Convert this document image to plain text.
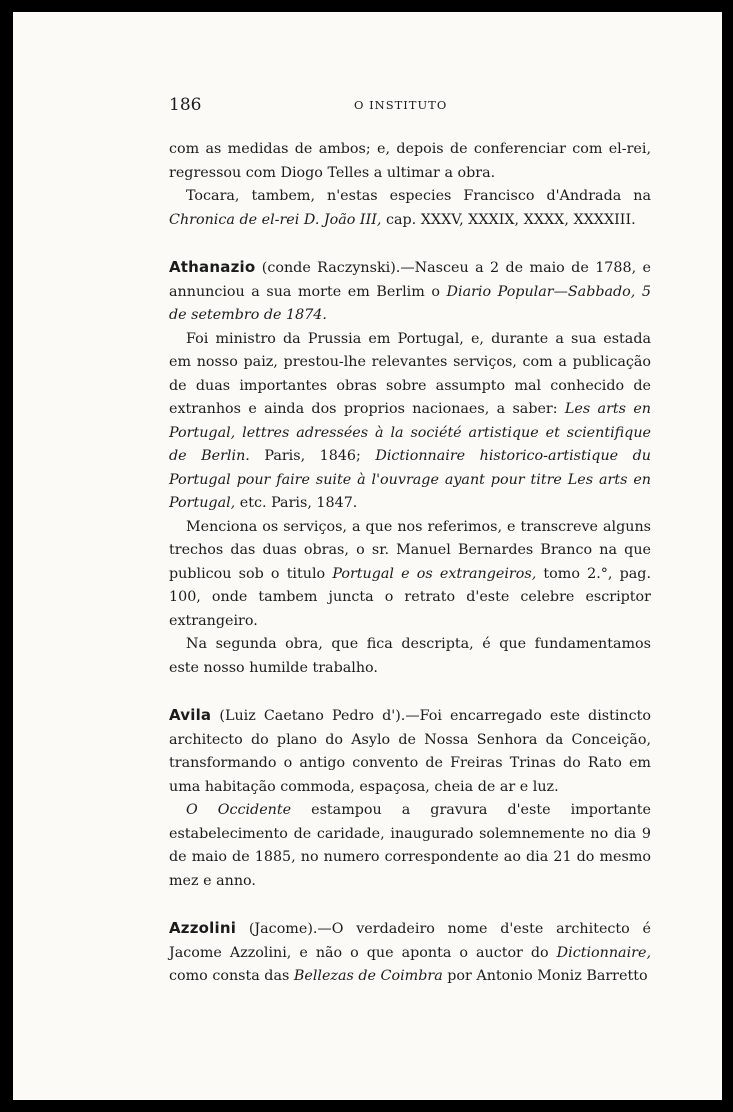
186	O INSTITUTO

com as medidas de ambos; e, depois de conferenciar com el-rei, regressou com Diogo Telles a ultimar a obra.

Tocara, tambem, n'estas especies Francisco d'Andrada na Chronica de el-rei D. João III, cap. XXXV, XXXIX, XXXX, XXXXIII.

Athanazio (conde Raczynski).—Nasceu a 2 de maio de 1788, e annunciou a sua morte em Berlim o Diario Popular—Sabbado, 5 de setembro de 1874.

Foi ministro da Prussia em Portugal, e, durante a sua estada em nosso paiz, prestou-lhe relevantes serviços, com a publicação de duas importantes obras sobre assumpto mal conhecido de extranhos e ainda dos proprios nacionaes, a saber: Les arts en Portugal, lettres adressées à la société artistique et scientifique de Berlin. Paris, 1846; Dictionnaire historico-artistique du Portugal pour faire suite à l'ouvrage ayant pour titre Les arts en Portugal, etc. Paris, 1847.

Menciona os serviços, a que nos referimos, e transcreve alguns trechos das duas obras, o sr. Manuel Bernardes Branco na que publicou sob o titulo Portugal e os extrangeiros, tomo 2.°, pag. 100, onde tambem juncta o retrato d'este celebre escriptor extrangeiro.

Na segunda obra, que fica descripta, é que fundamentamos este nosso humilde trabalho.

Avila (Luiz Caetano Pedro d').—Foi encarregado este distincto architecto do plano do Asylo de Nossa Senhora da Conceição, transformando o antigo convento de Freiras Trinas do Rato em uma habitação commoda, espaçosa, cheia de ar e luz.

O Occidente estampou a gravura d'este importante estabelecimento de caridade, inaugurado solemnemente no dia 9 de maio de 1885, no numero correspondente ao dia 21 do mesmo mez e anno.

Azzolini (Jacome).—O verdadeiro nome d'este architecto é Jacome Azzolini, e não o que aponta o auctor do Dictionnaire, como consta das Bellezas de Coimbra por Antonio Moniz Barretto
